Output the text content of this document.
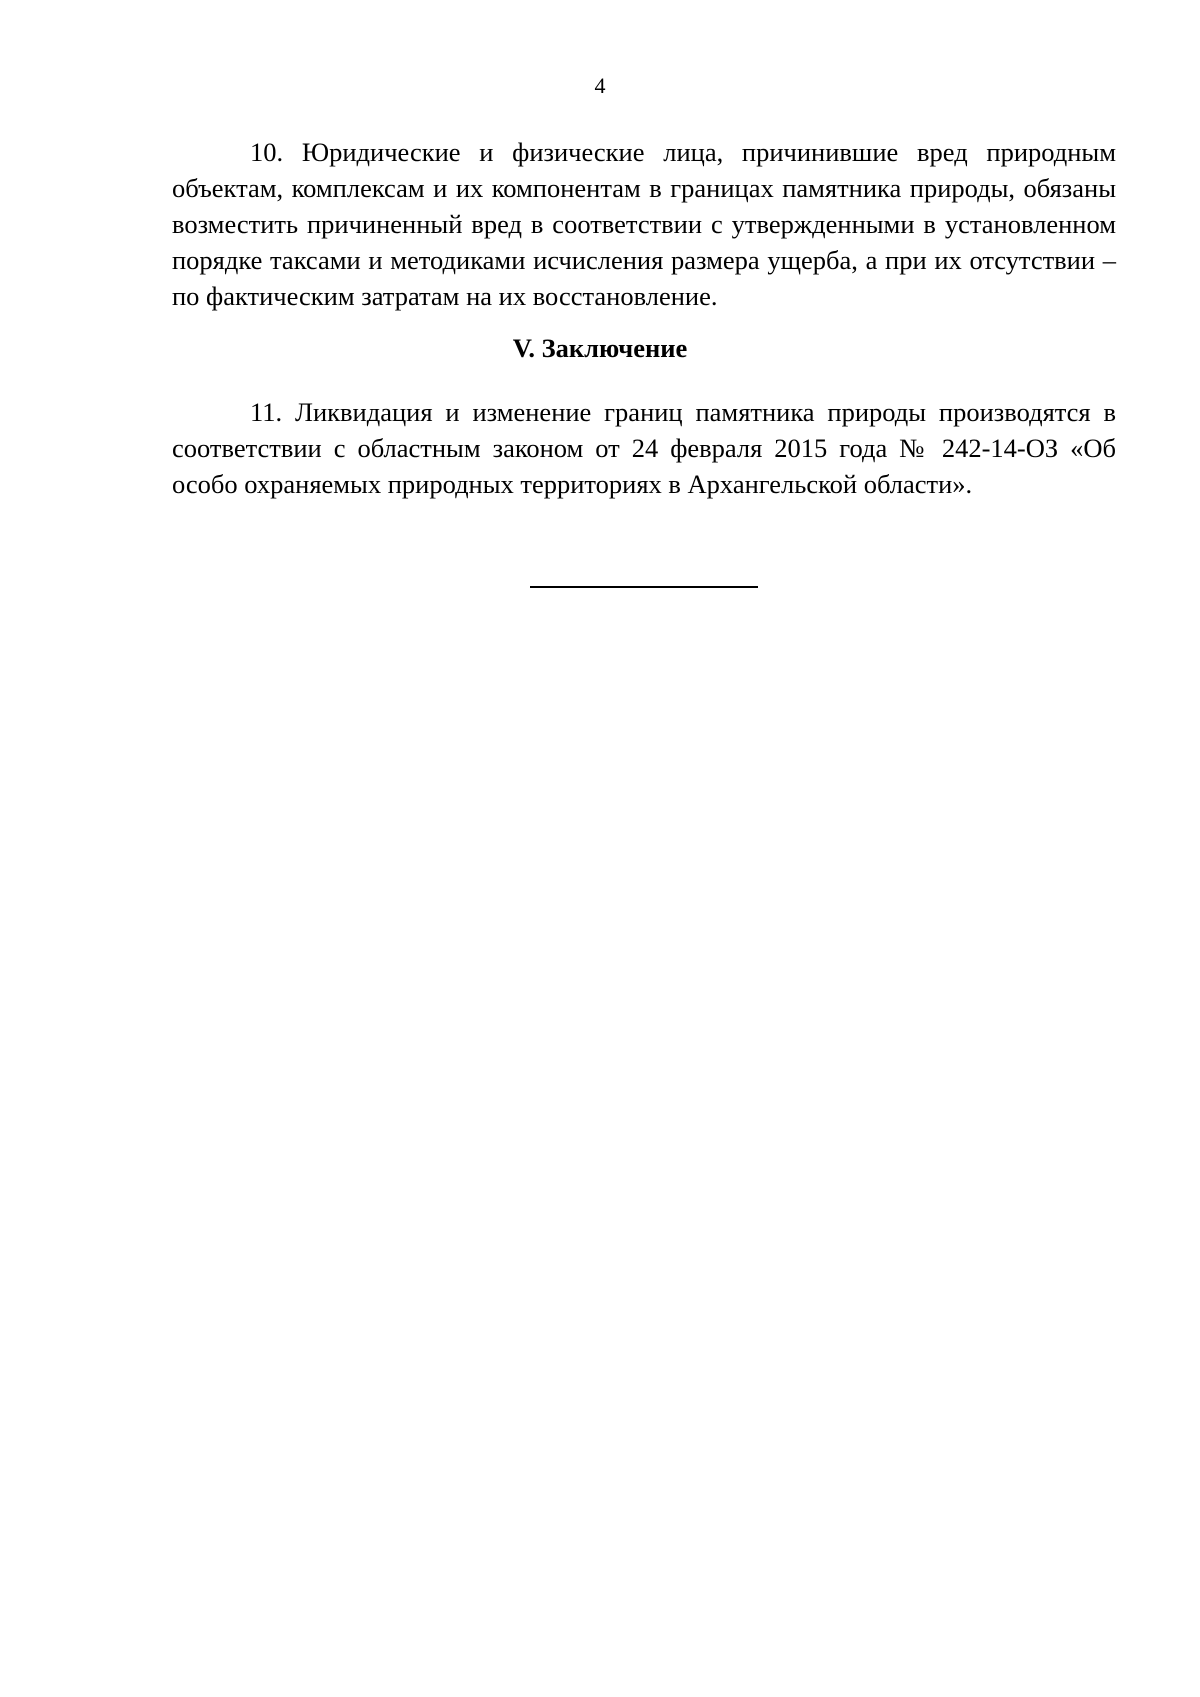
4

10. Юридические и физические лица, причинившие вред природным объектам, комплексам и их компонентам в границах памятника природы, обязаны возместить причиненный вред в соответствии с утвержденными в установленном порядке таксами и методиками исчисления размера ущерба, а при их отсутствии – по фактическим затратам на их восстановление.

V. Заключение

11. Ликвидация и изменение границ памятника природы производятся в соответствии с областным законом от 24 февраля 2015 года № 242-14-ОЗ «Об особо охраняемых природных территориях в Архангельской области».
